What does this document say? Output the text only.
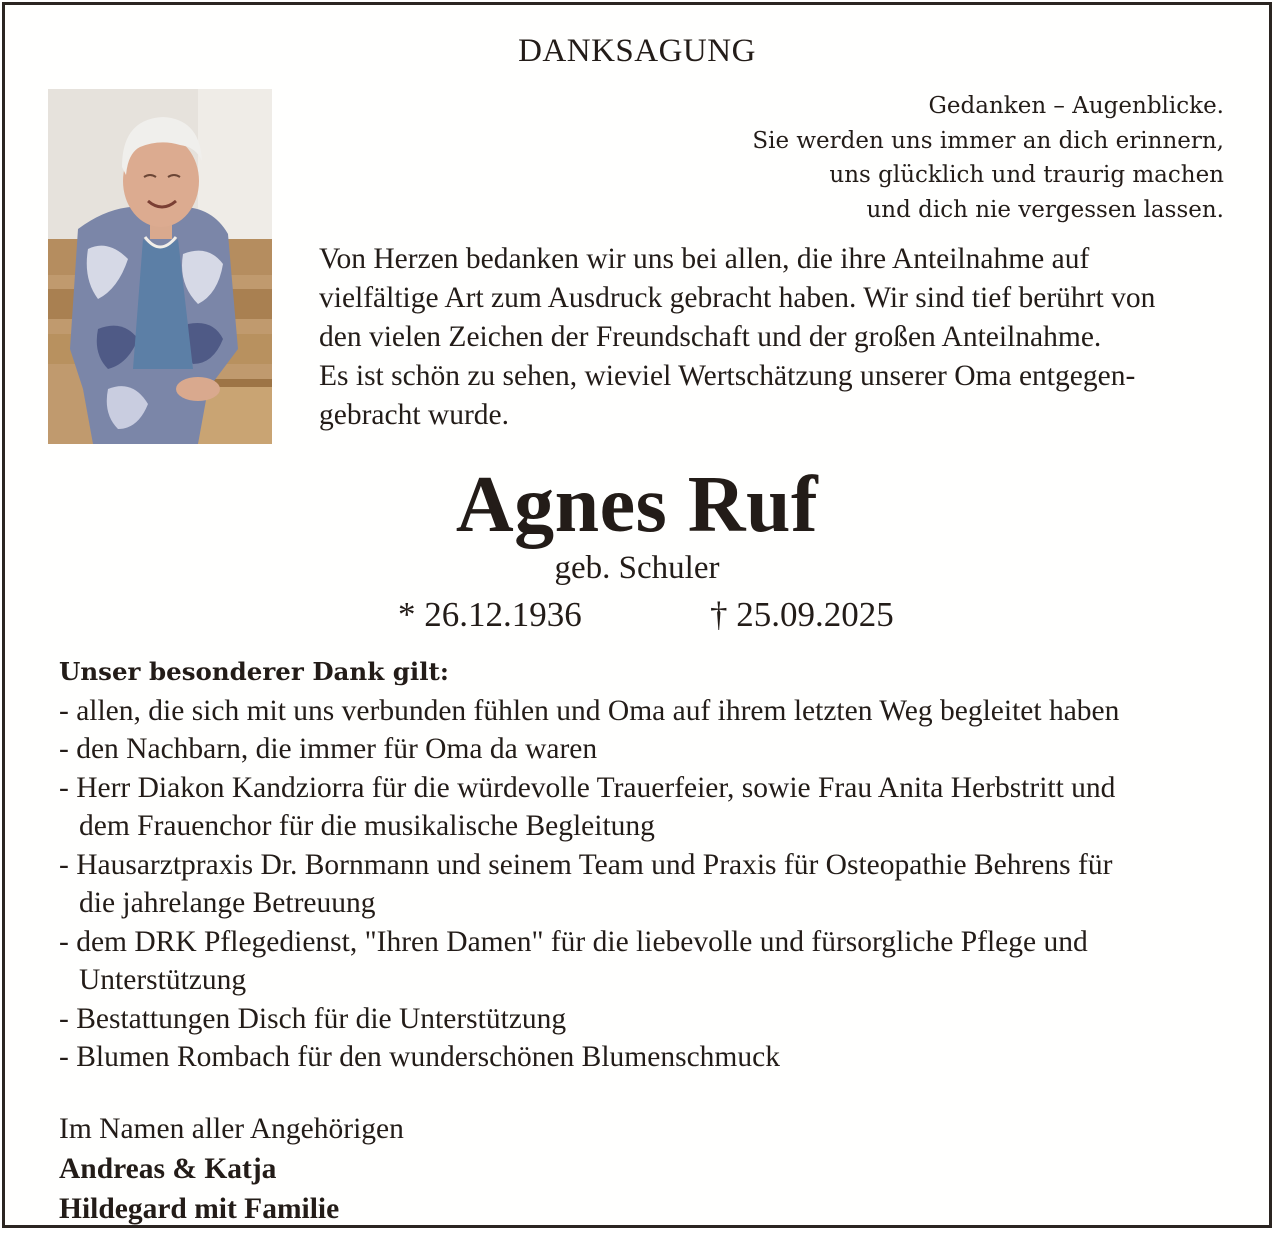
DANKSAGUNG
Gedanken – Augenblicke.
Sie werden uns immer an dich erinnern,
uns glücklich und traurig machen
und dich nie vergessen lassen.
Von Herzen bedanken wir uns bei allen, die ihre Anteilnahme auf
vielfältige Art zum Ausdruck gebracht haben. Wir sind tief berührt von
den vielen Zeichen der Freundschaft und der großen Anteilnahme.
Es ist schön zu sehen, wieviel Wertschätzung unserer Oma entgegen-
gebracht wurde.
Agnes Ruf
geb. Schuler
* 26.12.1936	† 25.09.2025
Unser besonderer Dank gilt:
- allen, die sich mit uns verbunden fühlen und Oma auf ihrem letzten Weg begleitet haben
- den Nachbarn, die immer für Oma da waren
- Herr Diakon Kandziorra für die würdevolle Trauerfeier, sowie Frau Anita Herbstritt und
dem Frauenchor für die musikalische Begleitung
- Hausarztpraxis Dr. Bornmann und seinem Team und Praxis für Osteopathie Behrens für
die jahrelange Betreuung
- dem DRK Pflegedienst, "Ihren Damen" für die liebevolle und fürsorgliche Pflege und
Unterstützung
- Bestattungen Disch für die Unterstützung
- Blumen Rombach für den wunderschönen Blumenschmuck
Im Namen aller Angehörigen
Andreas & Katja
Hildegard mit Familie
